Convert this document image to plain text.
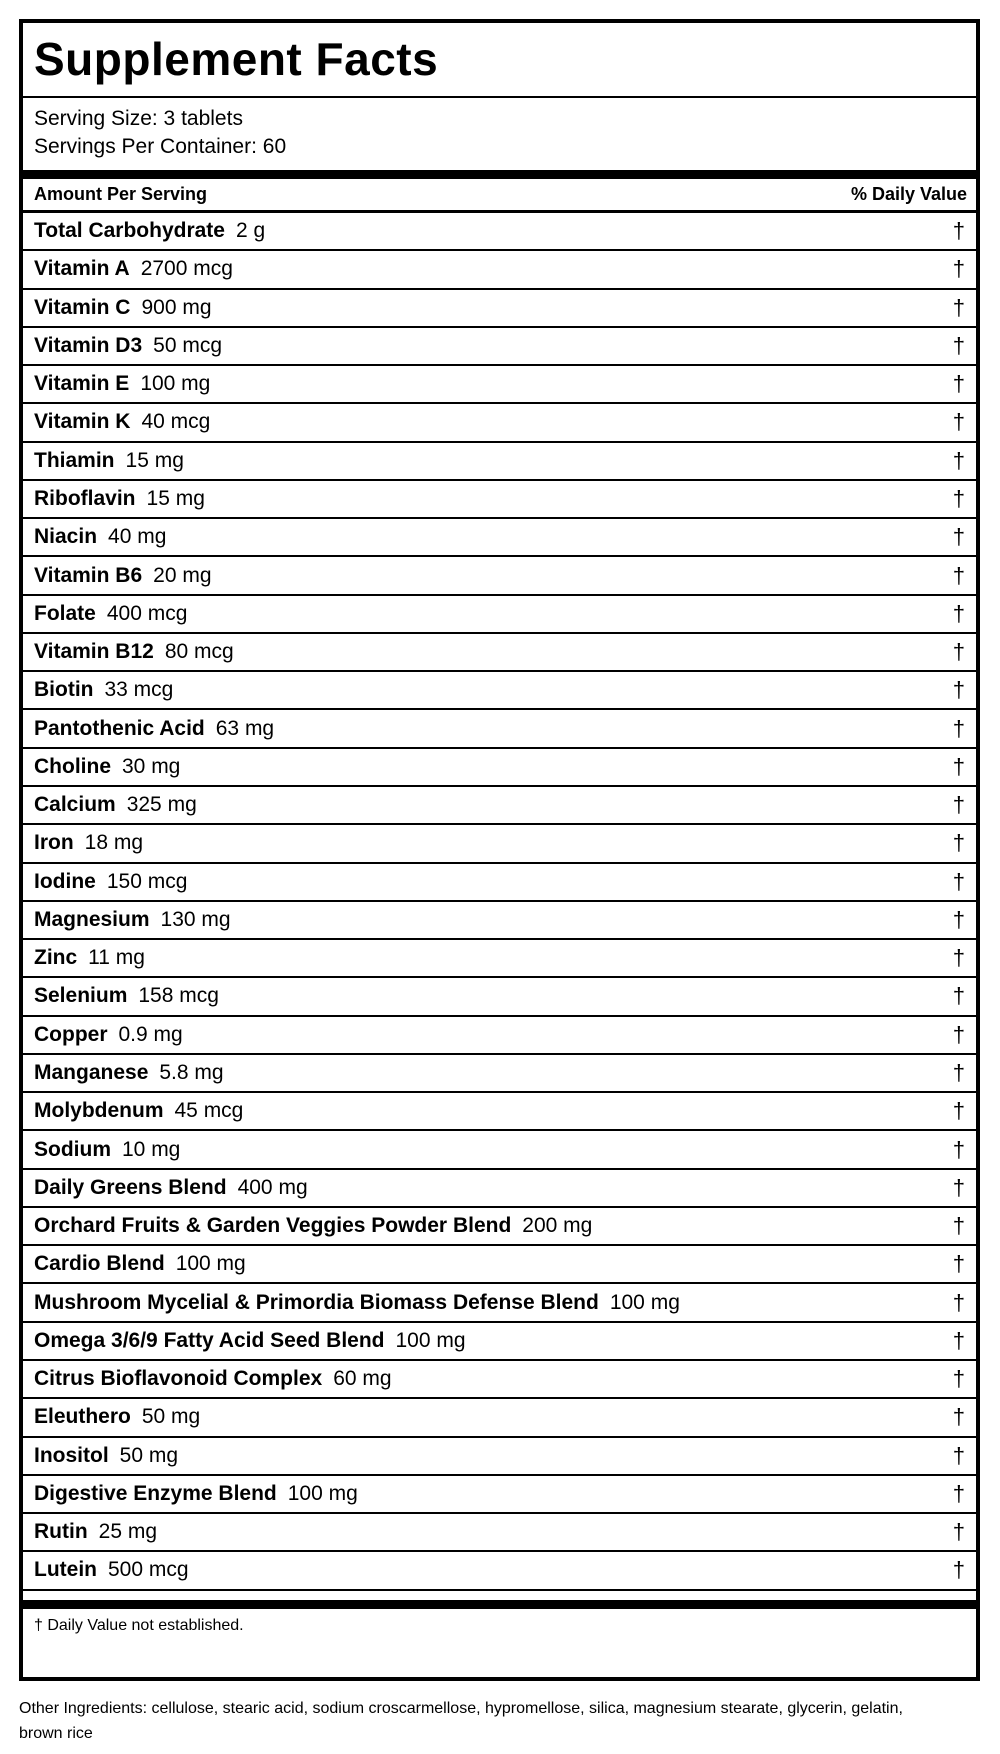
Supplement Facts
Serving Size: 3 tablets
Servings Per Container: 60
Amount Per Serving	% Daily Value
Total Carbohydrate 2 g	†
Vitamin A 2700 mcg	†
Vitamin C 900 mg	†
Vitamin D3 50 mcg	†
Vitamin E 100 mg	†
Vitamin K 40 mcg	†
Thiamin 15 mg	†
Riboflavin 15 mg	†
Niacin 40 mg	†
Vitamin B6 20 mg	†
Folate 400 mcg	†
Vitamin B12 80 mcg	†
Biotin 33 mcg	†
Pantothenic Acid 63 mg	†
Choline 30 mg	†
Calcium 325 mg	†
Iron 18 mg	†
Iodine 150 mcg	†
Magnesium 130 mg	†
Zinc 11 mg	†
Selenium 158 mcg	†
Copper 0.9 mg	†
Manganese 5.8 mg	†
Molybdenum 45 mcg	†
Sodium 10 mg	†
Daily Greens Blend 400 mg	†
Orchard Fruits & Garden Veggies Powder Blend 200 mg	†
Cardio Blend 100 mg	†
Mushroom Mycelial & Primordia Biomass Defense Blend 100 mg	†
Omega 3/6/9 Fatty Acid Seed Blend 100 mg	†
Citrus Bioflavonoid Complex 60 mg	†
Eleuthero 50 mg	†
Inositol 50 mg	†
Digestive Enzyme Blend 100 mg	†
Rutin 25 mg	†
Lutein 500 mcg	†
† Daily Value not established.
Other Ingredients: cellulose, stearic acid, sodium croscarmellose, hypromellose, silica, magnesium stearate, glycerin, gelatin, brown rice
